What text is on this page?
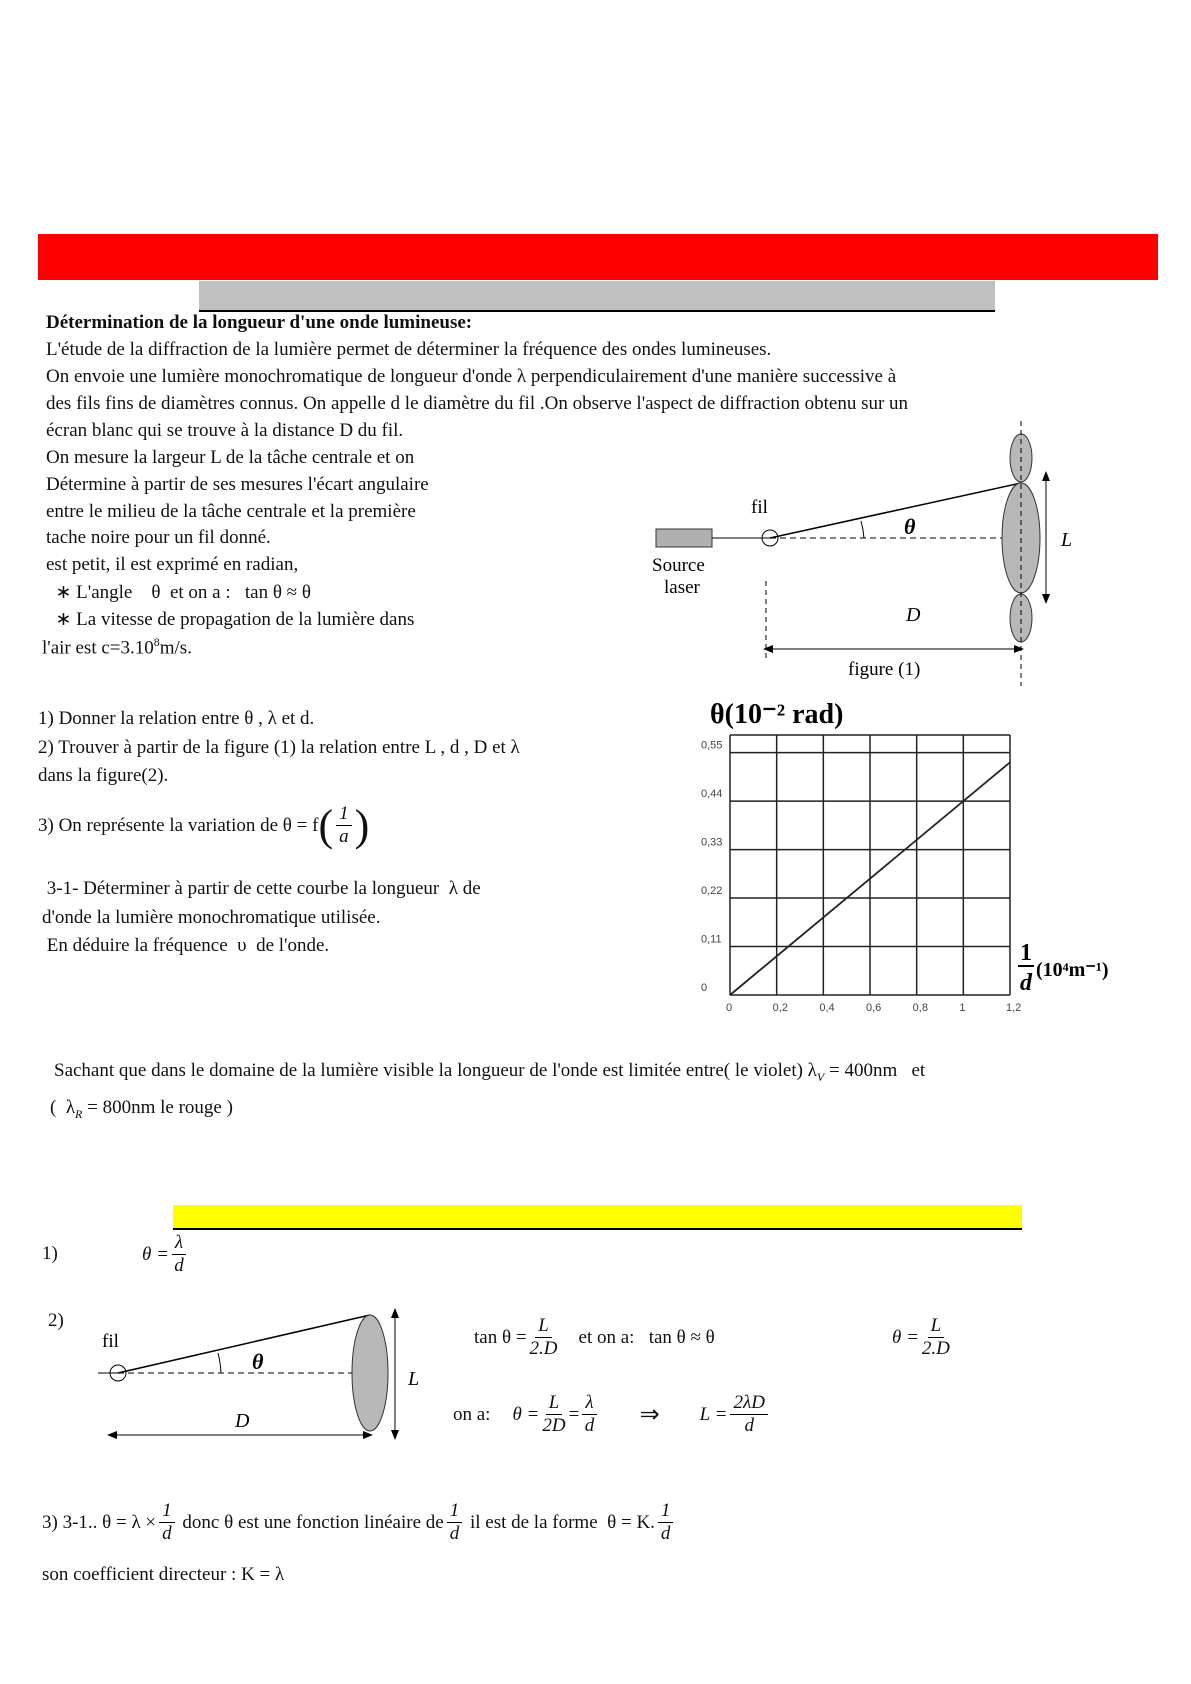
Détermination de la longueur d'une onde lumineuse:
L'étude de la diffraction de la lumière permet de déterminer la fréquence des ondes lumineuses.
On envoie une lumière monochromatique de longueur d'onde λ perpendiculairement d'une manière successive à
des fils fins de diamètres connus. On appelle d le diamètre du fil .On observe l'aspect de diffraction obtenu sur un
écran blanc qui se trouve à la distance D du fil.
On mesure la largeur L de la tâche centrale et on
Détermine à partir de ses mesures l'écart angulaire
entre le milieu de la tâche centrale et la première
tache noire pour un fil donné.
est petit, il est exprimé en radian,
∗ L'angle    θ  et on a :   tan θ ≈ θ
∗ La vitesse de propagation de la lumière dans
l'air est $c=3.10^8m/s$.
fil
θ
L
Source
laser
D
figure (1)
1) Donner la relation entre θ , λ et d.
2) Trouver à partir de la figure (1) la relation entre L , d , D et λ
dans la figure(2).
3) On représente la variation de θ = f ( $\frac{1}{a}$ )
3-1- Déterminer à partir de cette courbe la longueur  λ de
d'onde la lumière monochromatique utilisée.
En déduire la fréquence  υ  de l'onde.
θ(10⁻² rad)
0	0,2	0,4	0,6	0,8	1	1,2
0
0,11
0,22
0,33
0,44
0,55
1
d (10⁴m⁻¹)
Sachant que dans le domaine de la lumière visible la longueur de l'onde est limitée entre( le violet) $\lambda_V = 400nm$   et
(  $\lambda_R = 800nm$ le rouge )
1)	$\theta = \frac{\lambda}{d}$
2)
fil
θ
L
D
$\tan \theta = \frac{L}{2.D}$ et on a:   tan θ ≈ θ	$\theta = \frac{L}{2.D}$
on a: $\theta = \frac{L}{2D} = \frac{\lambda}{d}$ ⇒ $L = \frac{2\lambda D}{d}$
3) 3-1.. $\theta = \lambda \times \frac{1}{d}$ donc θ est une fonction linéaire de $\frac{1}{d}$ il est de la forme  θ = K. $\frac{1}{d}$
son coefficient directeur : K = λ
